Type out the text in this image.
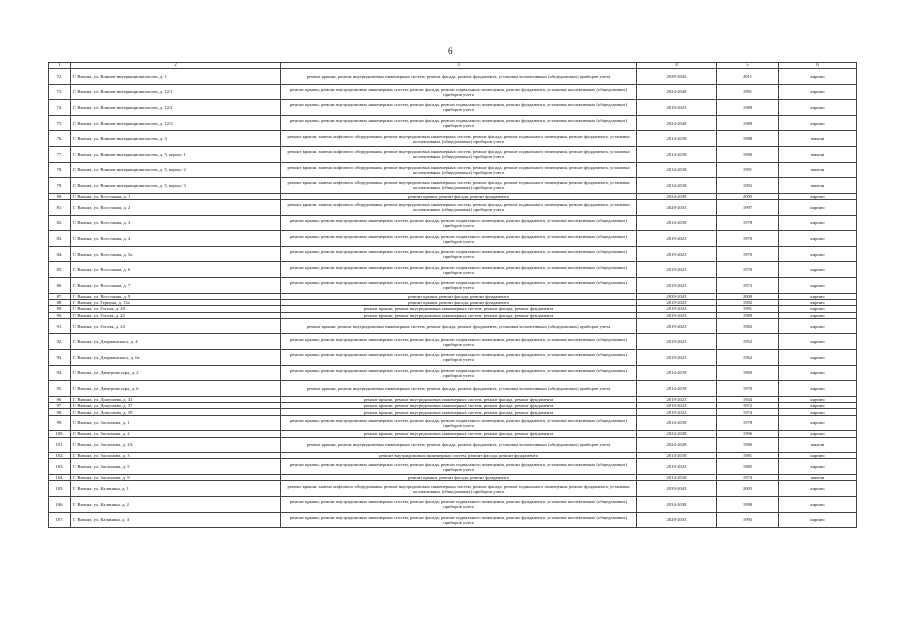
6
1	2	3	4	5	6
72.	Г. Вязьма, ул. Воинов-интернационалистов, д. 1	ремонт крыши, ремонт внутридомовых инженерных систем, ремонт фасада, ремонт фундамента, установка коллективных (общедомовых) приборов учета	2039-2043	2011	кирпич
73.	Г. Вязьма, ул. Воинов-интернационалистов, д. 12/1	ремонт крыши, ремонт внутридомовых инженерных систем, ремонт фасада, ремонт подвального помещения, ремонт фундамента, установка коллективных (общедомовых) приборов учета	2024-2028	1991	кирпич
74.	Г. Вязьма, ул. Воинов-интернационалистов, д. 12/2	ремонт крыши, ремонт внутридомовых инженерных систем, ремонт фасада, ремонт подвального помещения, ремонт фундамента, установка коллективных (общедомовых) приборов учета	2019-2023	1989	кирпич
75.	Г. Вязьма, ул. Воинов-интернационалистов, д. 12/3	ремонт крыши, ремонт внутридомовых инженерных систем, ремонт фасада, ремонт подвального помещения, ремонт фундамента, установка коллективных (общедомовых) приборов учета	2024-2028	1989	кирпич
76.	Г. Вязьма, ул. Воинов-интернационалистов, д. 3	ремонт крыши, замена лифтового оборудования, ремонт внутридомовых инженерных систем, ремонт фасада, ремонт подвального помещения, ремонт фундамента, установка коллективных (общедомовых) приборов учета	2014-2018	1988	панели
77.	Г. Вязьма, ул. Воинов-интернационалистов, д. 5, корпус 1	ремонт крыши, замена лифтового оборудования, ремонт внутридомовых инженерных систем, ремонт фасада, ремонт подвального помещения, ремонт фундамента, установка коллективных (общедомовых) приборов учета	2014-2018	1990	панели
78.	Г. Вязьма, ул. Воинов-интернационалистов, д. 5, корпус 2	ремонт крыши, замена лифтового оборудования, ремонт внутридомовых инженерных систем, ремонт фасада, ремонт подвального помещения, ремонт фундамента, установка коллективных (общедомовых) приборов учета	2014-2018	1991	панели
79.	Г. Вязьма, ул. Воинов-интернационалистов, д. 5, корпус 3	ремонт крыши, замена лифтового оборудования, ремонт внутридомовых инженерных систем, ремонт фасада, ремонт подвального помещения, ремонт фундамента, установка коллективных (общедомовых) приборов учета	2014-2018	1992	панели
80.	Г. Вязьма, ул. Восстания, д. 1	ремонт крыши, ремонт фасада, ремонт фундамента	2034-2038	2005	кирпич
81.	Г. Вязьма, ул. Восстания, д. 2	ремонт крыши, замена лифтового оборудования, ремонт внутридомовых инженерных систем, ремонт фасада, ремонт подвального помещения, ремонт фундамента, установка коллективных (общедомовых) приборов учета	2029-2033	1997	кирпич
82.	Г. Вязьма, ул. Восстания, д. 3	ремонт крыши, ремонт внутридомовых инженерных систем, ремонт фасада, ремонт подвального помещения, ремонт фундамента, установка коллективных (общедомовых) приборов учета	2014-2018	1978	кирпич
83.	Г. Вязьма, ул. Восстания, д. 4	ремонт крыши, ремонт внутридомовых инженерных систем, ремонт фасада, ремонт подвального помещения, ремонт фундамента, установка коллективных (общедомовых) приборов учета	2019-2023	1970	кирпич
84.	Г. Вязьма, ул. Восстания, д. 5а	ремонт крыши, ремонт внутридомовых инженерных систем, ремонт фасада, ремонт подвального помещения, ремонт фундамента, установка коллективных (общедомовых) приборов учета	2019-2023	1970	кирпич
85.	Г. Вязьма, ул. Восстания, д. 6	ремонт крыши, ремонт внутридомовых инженерных систем, ремонт фасада, ремонт подвального помещения, ремонт фундамента, установка коллективных (общедомовых) приборов учета	2019-2023	1970	кирпич
86.	Г. Вязьма, ул. Восстания, д. 7	ремонт крыши, ремонт внутридомовых инженерных систем, ремонт фасада, ремонт подвального помещения, ремонт фундамента, установка коллективных (общедомовых) приборов учета	2019-2023	1972	кирпич
87.	Г. Вязьма, ул. Восстания, д. 9	ремонт крыши, ремонт фасада, ремонт фундамента	2039-2043	2009	кирпич
88.	Г. Вязьма, ул. Герцена, д. 13а	ремонт крыши, ремонт фасада, ремонт фундамента	2019-2023	1982	кирпич
89.	Г. Вязьма, ул. Гоголя, д. 20	ремонт крыши, ремонт внутридомовых инженерных систем, ремонт фасада, ремонт фундамента	2019-2023	1991	кирпич
90.	Г. Вязьма, ул. Гоголя, д. 22	ремонт крыши, ремонт внутридомовых инженерных систем, ремонт фасада, ремонт фундамента	2019-2023	1989	кирпич
91.	Г. Вязьма, ул. Гоголя, д. 24	ремонт крыши, ремонт внутридомовых инженерных систем, ремонт фасада, ремонт фундамента, установка коллективных (общедомовых) приборов учета	2019-2023	1982	кирпич
92.	Г. Вязьма, ул. Дзержинского, д. 4	ремонт крыши, ремонт внутридомовых инженерных систем, ремонт фасада, ремонт подвального помещения, ремонт фундамента, установка коллективных (общедомовых) приборов учета	2019-2023	1952	кирпич
93.	Г. Вязьма, ул. Дзержинского, д. 6а	ремонт крыши, ремонт внутридомовых инженерных систем, ремонт фасада, ремонт подвального помещения, ремонт фундамента, установка коллективных (общедомовых) приборов учета	2019-2023	1962	кирпич
94.	Г. Вязьма, ул. Дмитрова гора, д. 2	ремонт крыши, ремонт внутридомовых инженерных систем, ремонт фасада, ремонт подвального помещения, ремонт фундамента, установка коллективных (общедомовых) приборов учета	2014-2018	1969	кирпич
95.	Г. Вязьма, ул. Дмитрова гора, д. 6	ремонт крыши, ремонт внутридомовых инженерных систем, ремонт фасада, ремонт фундамента, установка коллективных (общедомовых) приборов учета	2014-2018	1970	кирпич
96.	Г. Вязьма, ул. Докучаева, д. 33	ремонт крыши, ремонт внутридомовых инженерных систем, ремонт фасада, ремонт фундамента	2019-2023	1944	кирпич
97.	Г. Вязьма, ул. Докучаева, д. 37	ремонт крыши, ремонт внутридомовых инженерных систем, ремонт фасада, ремонт фундамента	2019-2023	1972	кирпич
98.	Г. Вязьма, ул. Докучаева, д. 39	ремонт крыши, ремонт внутридомовых инженерных систем, ремонт фасада, ремонт фундамента	2019-2023	1974	кирпич
99.	Г. Вязьма, ул. Заслонова, д. 1	ремонт крыши, ремонт внутридомовых инженерных систем, ремонт фасада, ремонт подвального помещения, ремонт фундамента, установка коллективных (общедомовых) приборов учета	2014-2018	1978	кирпич
100.	Г. Вязьма, ул. Заслонова, д. 2	ремонт крыши, ремонт внутридомовых инженерных систем, ремонт фасада, ремонт фундамента	2024-2028	1996	кирпич
101.	Г. Вязьма, ул. Заслонова, д. 2А	ремонт крыши, ремонт внутридомовых инженерных систем, ремонт фасада, ремонт фундамента, установка коллективных (общедомовых) приборов учета	2024-2028	1986	панели
102.	Г. Вязьма, ул. Заслонова, д. 3	ремонт внутридомовых инженерных систем, ремонт фасада, ремонт фундамента	2014-2018	1981	кирпич
103.	Г. Вязьма, ул. Заслонова, д. 5	ремонт крыши, ремонт внутридомовых инженерных систем, ремонт фасада, ремонт подвального помещения, ремонт фундамента, установка коллективных (общедомовых) приборов учета	2019-2023	1985	кирпич
104.	Г. Вязьма, ул. Заслонова, д. 9	ремонт крыши, ремонт фасада, ремонт фундамента	2014-2018	1974	панели
105.	Г. Вязьма, ул. Калинина, д. 1	ремонт крыши, замена лифтового оборудования, ремонт внутридомовых инженерных систем, ремонт фасада, ремонт подвального помещения, ремонт фундамента, установка коллективных (общедомовых) приборов учета	2039-2043	2005	кирпич
106.	Г. Вязьма, ул. Калинина, д. 2	ремонт крыши, ремонт внутридомовых инженерных систем, ремонт фасада, ремонт подвального помещения, ремонт фундамента, установка коллективных (общедомовых) приборов учета	2034-2038	1998	кирпич
107.	Г. Вязьма, ул. Калинина, д. 4	ремонт крыши, ремонт внутридомовых инженерных систем, ремонт фасада, ремонт подвального помещения, ремонт фундамента, установка коллективных (общедомовых) приборов учета	2029-2033	1993	кирпич
